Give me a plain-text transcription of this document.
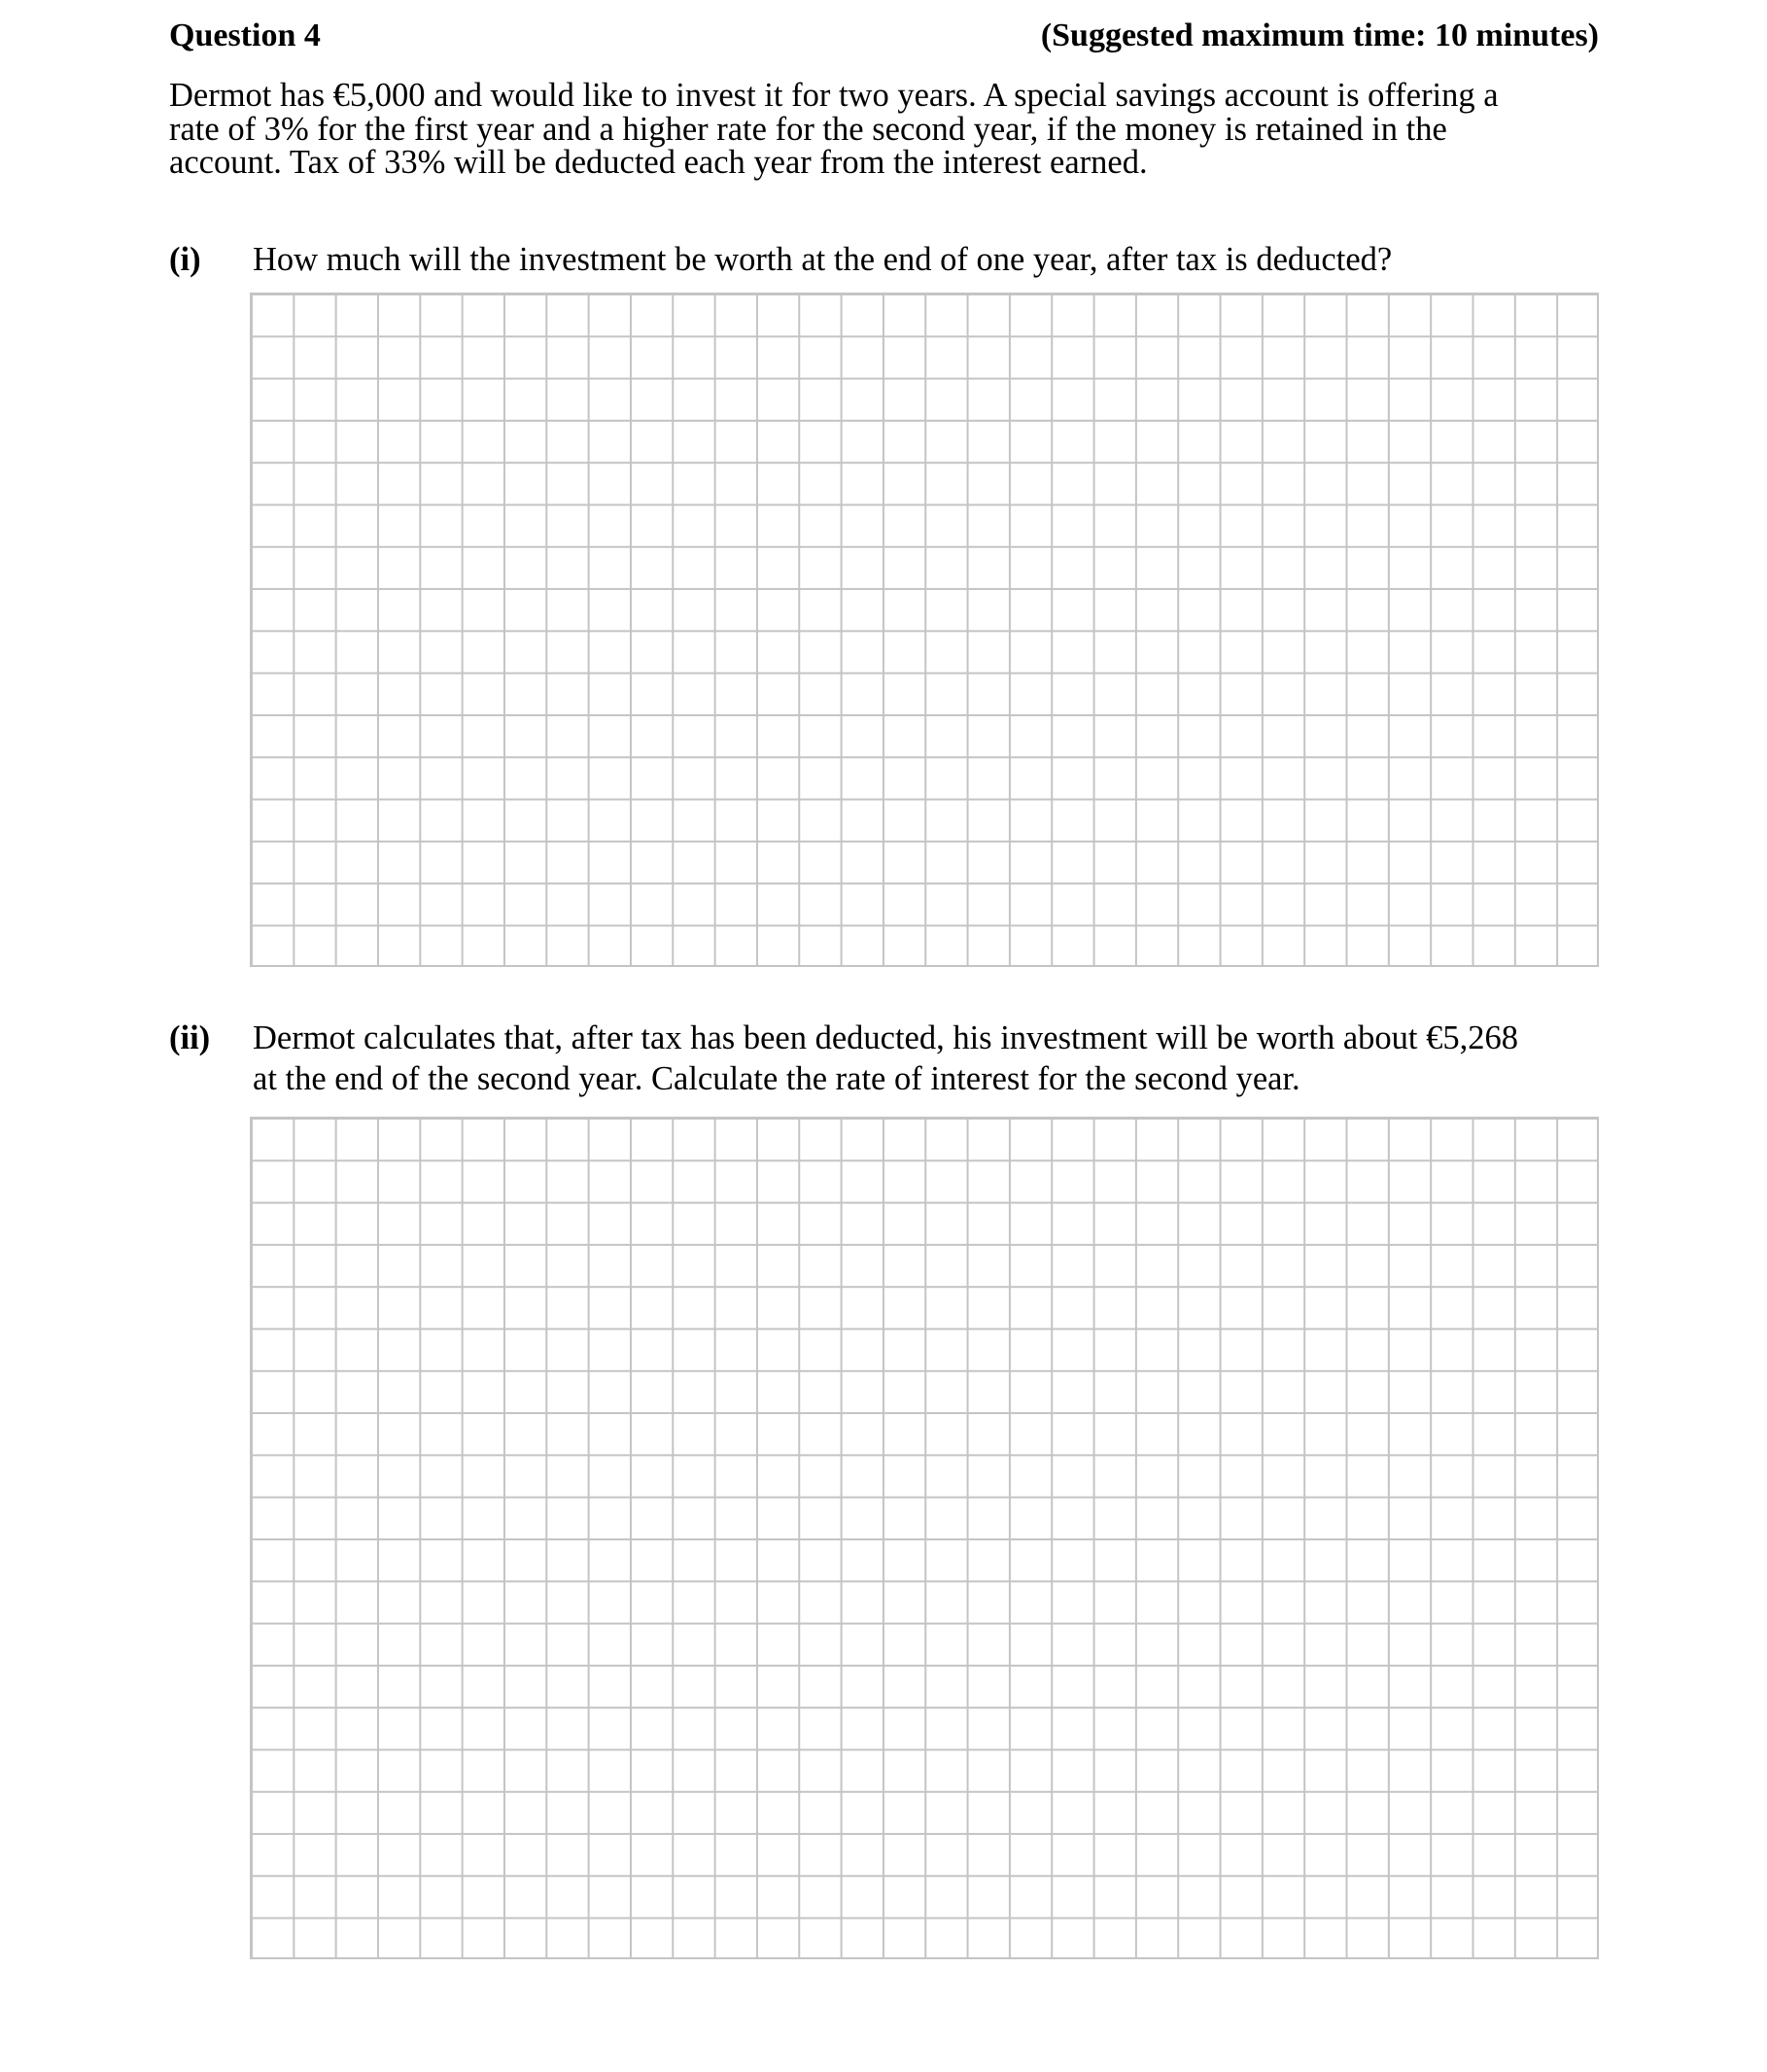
Question 4	(Suggested maximum time: 10 minutes)
Dermot has €5,000 and would like to invest it for two years. A special savings account is offering a
rate of 3% for the first year and a higher rate for the second year, if the money is retained in the
account. Tax of 33% will be deducted each year from the interest earned.
(i) How much will the investment be worth at the end of one year, after tax is deducted?
(ii) Dermot calculates that, after tax has been deducted, his investment will be worth about €5,268
at the end of the second year. Calculate the rate of interest for the second year.
